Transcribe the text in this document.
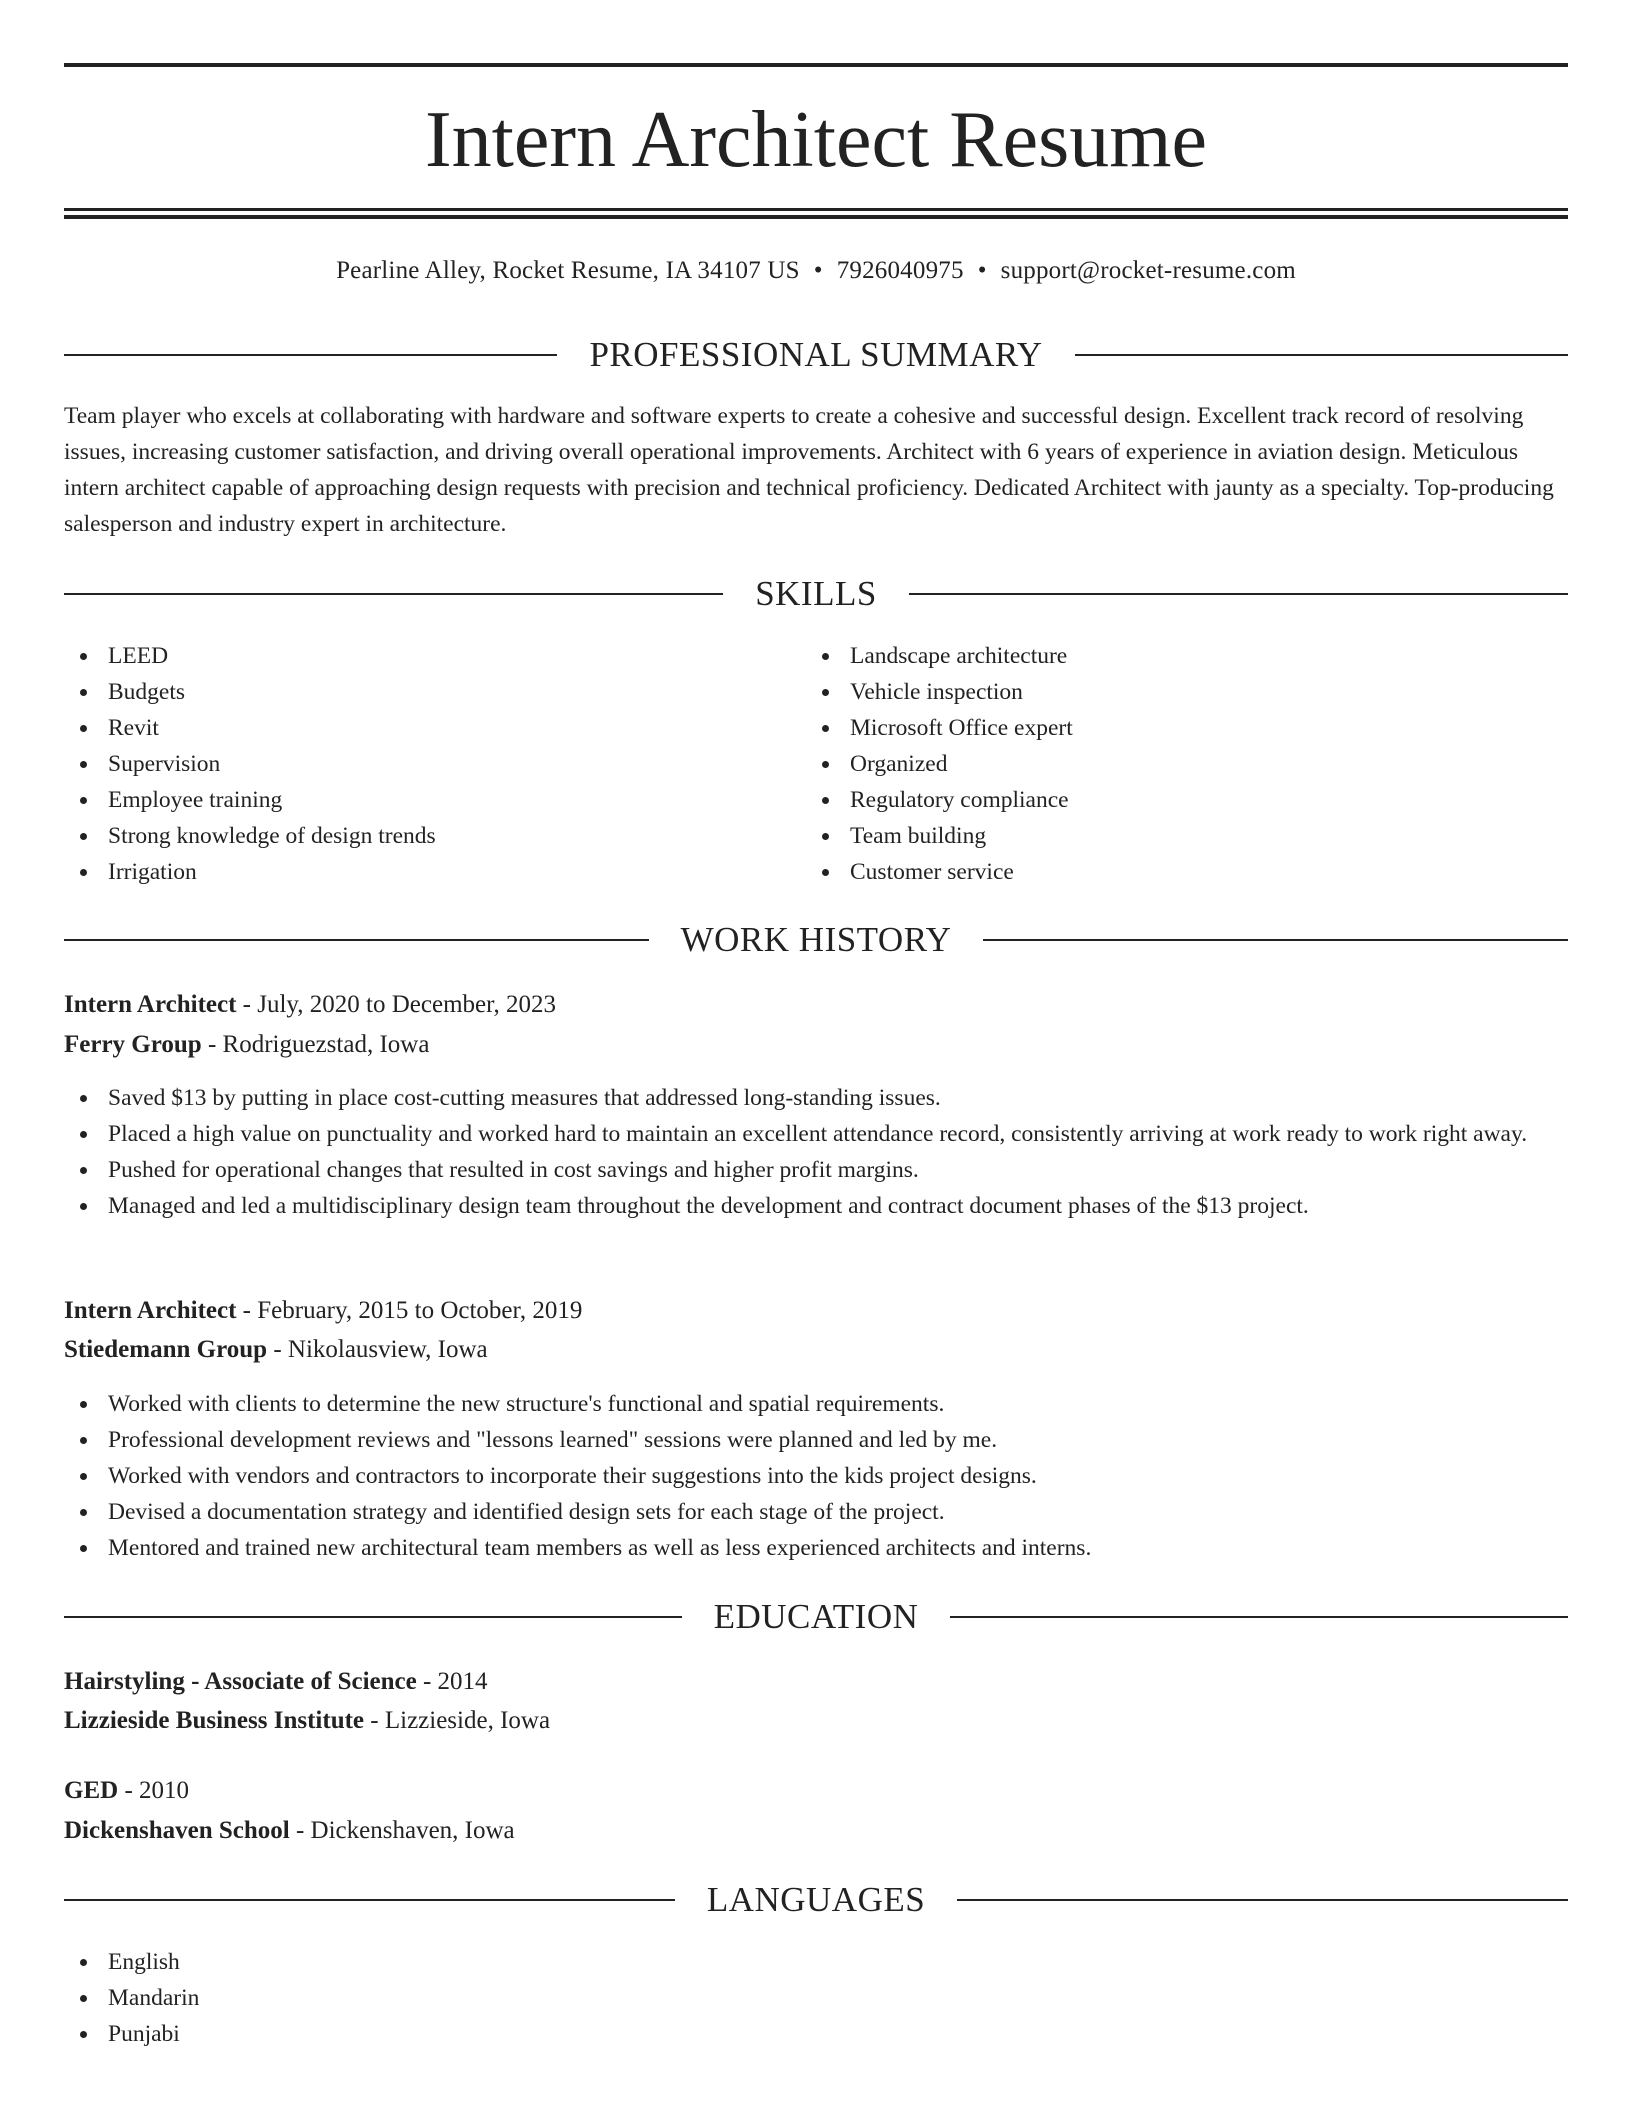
Intern Architect Resume
Pearline Alley, Rocket Resume, IA 34107 US • 7926040975 • support@rocket-resume.com
PROFESSIONAL SUMMARY

Team player who excels at collaborating with hardware and software experts to create a cohesive and successful design. Excellent track record of resolving issues, increasing customer satisfaction, and driving overall operational improvements. Architect with 6 years of experience in aviation design. Meticulous intern architect capable of approaching design requests with precision and technical proficiency. Dedicated Architect with jaunty as a specialty. Top-producing salesperson and industry expert in architecture.

SKILLS
LEED
Budgets
Revit
Supervision
Employee training
Strong knowledge of design trends
Irrigation
Landscape architecture
Vehicle inspection
Microsoft Office expert
Organized
Regulatory compliance
Team building
Customer service
WORK HISTORY
Intern Architect - July, 2020 to December, 2023
Ferry Group - Rodriguezstad, Iowa
Saved $13 by putting in place cost-cutting measures that addressed long-standing issues.
Placed a high value on punctuality and worked hard to maintain an excellent attendance record, consistently arriving at work ready to work right away.
Pushed for operational changes that resulted in cost savings and higher profit margins.
Managed and led a multidisciplinary design team throughout the development and contract document phases of the $13 project.
Intern Architect - February, 2015 to October, 2019
Stiedemann Group - Nikolausview, Iowa
Worked with clients to determine the new structure's functional and spatial requirements.
Professional development reviews and "lessons learned" sessions were planned and led by me.
Worked with vendors and contractors to incorporate their suggestions into the kids project designs.
Devised a documentation strategy and identified design sets for each stage of the project.
Mentored and trained new architectural team members as well as less experienced architects and interns.
EDUCATION
Hairstyling - Associate of Science - 2014
Lizzieside Business Institute - Lizzieside, Iowa
GED - 2010
Dickenshaven School - Dickenshaven, Iowa
LANGUAGES
English
Mandarin
Punjabi
